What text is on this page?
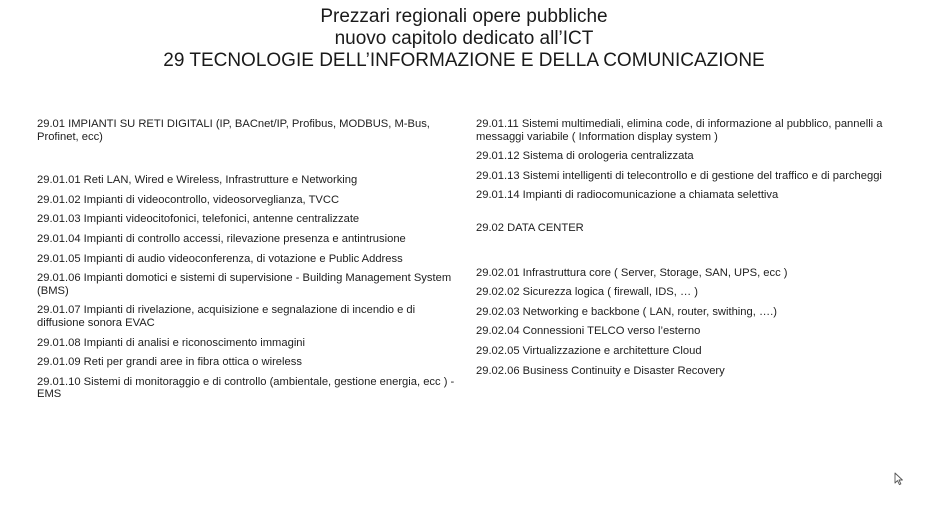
Prezzari regionali opere pubbliche
nuovo capitolo dedicato all’ICT
29 TECNOLOGIE DELL’INFORMAZIONE E DELLA COMUNICAZIONE

29.01 IMPIANTI SU RETI DIGITALI (IP, BACnet/IP, Profibus, MODBUS, M-Bus, Profinet, ecc)

29.01.01 Reti LAN, Wired e Wireless, Infrastrutture e Networking

29.01.02 Impianti di videocontrollo, videosorveglianza, TVCC

29.01.03 Impianti videocitofonici, telefonici, antenne centralizzate

29.01.04 Impianti di controllo accessi, rilevazione presenza e antintrusione

29.01.05 Impianti di audio videoconferenza, di votazione e Public Address

29.01.06 Impianti domotici e sistemi di supervisione - Building Management System (BMS)

29.01.07 Impianti di rivelazione, acquisizione e segnalazione di incendio e di diffusione sonora EVAC

29.01.08 Impianti di analisi e riconoscimento immagini

29.01.09 Reti per grandi aree in fibra ottica o wireless

29.01.10 Sistemi di monitoraggio e di controllo (ambientale, gestione energia, ecc ) - EMS

29.01.11 Sistemi multimediali, elimina code, di informazione al pubblico, pannelli a messaggi variabile ( Information display system )

29.01.12 Sistema di orologeria centralizzata

29.01.13 Sistemi intelligenti di telecontrollo e di gestione del traffico e di parcheggi

29.01.14 Impianti di radiocomunicazione a chiamata selettiva

29.02 DATA CENTER

29.02.01 Infrastruttura core ( Server, Storage, SAN, UPS, ecc )

29.02.02 Sicurezza logica ( firewall, IDS, … )

29.02.03 Networking e backbone ( LAN, router, swithing, ….)

29.02.04 Connessioni TELCO verso l’esterno

29.02.05 Virtualizzazione e architetture Cloud

29.02.06 Business Continuity e Disaster Recovery
